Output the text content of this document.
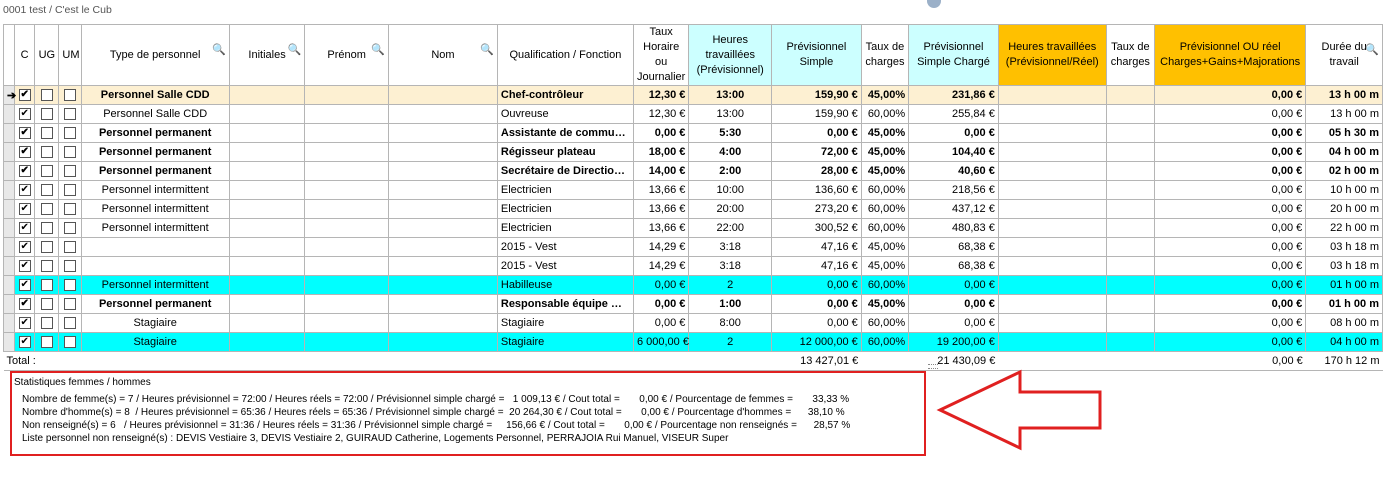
0001 test / C'est le Cub
	C	UG	UM	Type de personnel 🔍	Initiales 🔍	Prénom 🔍	Nom 🔍	Qualification / Fonction	Taux Horaire ou Journalier	Heures travaillées (Prévisionnel)	Prévisionnel Simple	Taux de charges	Prévisionnel Simple Chargé	Heures travaillées (Prévisionnel/Réel)	Taux de charges	Prévisionnel OU réel Charges+Gains+Majorations	Durée du travail
🔍

➔	✔			Personnel Salle CDD				Chef-contrôleur	12,30 €	13:00	159,90 €	45,00%	231,86 €			0,00 €	13 h 00 m
	✔			Personnel Salle CDD				Ouvreuse	12,30 €	13:00	159,90 €	60,00%	255,84 €			0,00 €	13 h 00 m
	✔			Personnel permanent				Assistante de commu…	0,00 €	5:30	0,00 €	45,00%	0,00 €			0,00 €	05 h 30 m
	✔			Personnel permanent				Régisseur plateau	18,00 €	4:00	72,00 €	45,00%	104,40 €			0,00 €	04 h 00 m
	✔			Personnel permanent				Secrétaire de Directio…	14,00 €	2:00	28,00 €	45,00%	40,60 €			0,00 €	02 h 00 m
	✔			Personnel intermittent				Electricien	13,66 €	10:00	136,60 €	60,00%	218,56 €			0,00 €	10 h 00 m
	✔			Personnel intermittent				Electricien	13,66 €	20:00	273,20 €	60,00%	437,12 €			0,00 €	20 h 00 m
	✔			Personnel intermittent				Electricien	13,66 €	22:00	300,52 €	60,00%	480,83 €			0,00 €	22 h 00 m
	✔							2015 - Vest	14,29 €	3:18	47,16 €	45,00%	68,38 €			0,00 €	03 h 18 m
	✔							2015 - Vest	14,29 €	3:18	47,16 €	45,00%	68,38 €			0,00 €	03 h 18 m
	✔			Personnel intermittent				Habilleuse	0,00 €	2	0,00 €	60,00%	0,00 €			0,00 €	01 h 00 m
	✔			Personnel permanent				Responsable équipe …	0,00 €	1:00	0,00 €	45,00%	0,00 €			0,00 €	01 h 00 m
	✔			Stagiaire				Stagiaire	0,00 €	8:00	0,00 €	60,00%	0,00 €			0,00 €	08 h 00 m
	✔			Stagiaire				Stagiaire	6 000,00 €	2	12 000,00 €	60,00%	19 200,00 €			0,00 €	04 h 00 m
Total :											13 427,01 €		21 430,09 €			0,00 €	170 h 12 m
Statistiques femmes / hommes
Nombre de femme(s) = 7 / Heures prévisionnel = 72:00 / Heures réels = 72:00 / Prévisionnel simple chargé =   1 009,13 € / Cout total =       0,00 € / Pourcentage de femmes =       33,33 %
Nombre d'homme(s) = 8  / Heures prévisionnel = 65:36 / Heures réels = 65:36 / Prévisionnel simple chargé =  20 264,30 € / Cout total =       0,00 € / Pourcentage d'hommes =      38,10 %
Non renseigné(s) = 6   / Heures prévisionnel = 31:36 / Heures réels = 31:36 / Prévisionnel simple chargé =     156,66 € / Cout total =       0,00 € / Pourcentage non renseignés =      28,57 %
Liste personnel non renseigné(s) : DEVIS Vestiaire 3, DEVIS Vestiaire 2, GUIRAUD Catherine, Logements Personnel, PERRAJOIA Rui Manuel, VISEUR Super
